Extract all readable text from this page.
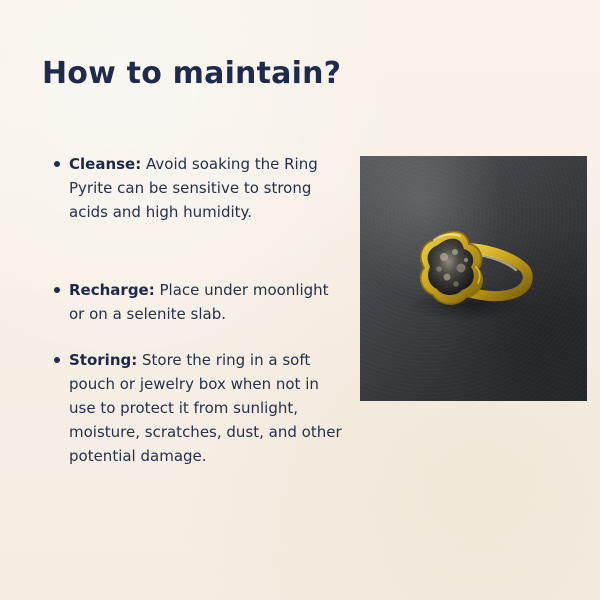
How to maintain?
Cleanse: Avoid soaking the Ring Pyrite can be sensitive to strong acids and high humidity.
Recharge: Place under moonlight or on a selenite slab.
Storing: Store the ring in a soft pouch or jewelry box when not in use to protect it from sunlight, moisture, scratches, dust, and other potential damage.
